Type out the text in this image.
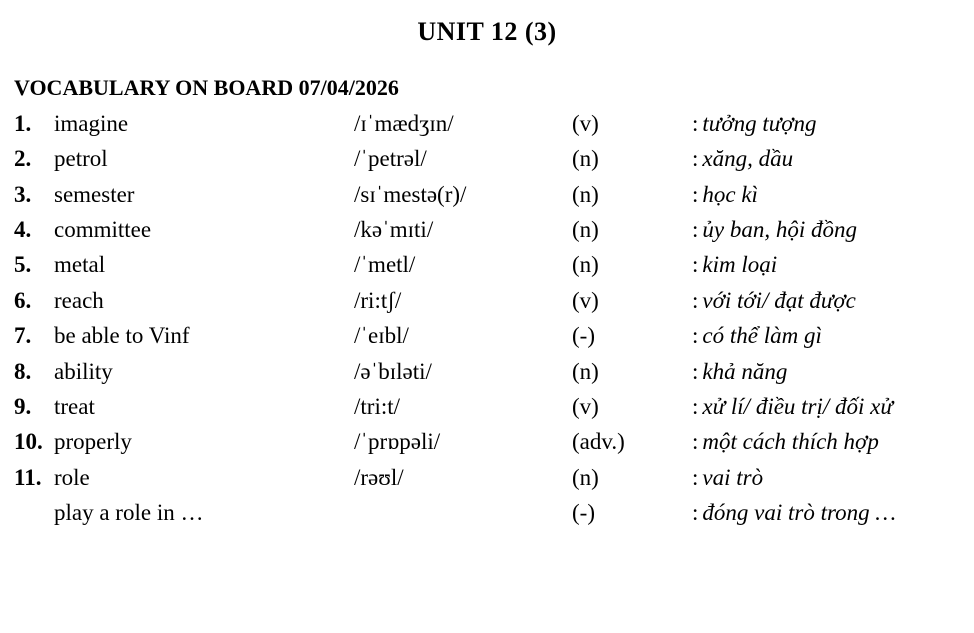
UNIT 12 (3)
VOCABULARY ON BOARD 07/04/2026
1.	imagine	/ɪˈmædʒɪn/	(v)	: tưởng tượng
2.	petrol	/ˈpetrəl/	(n)	: xăng, dầu
3.	semester	/sɪˈmestə(r)/	(n)	: học kì
4.	committee	/kəˈmɪti/	(n)	: ủy ban, hội đồng
5.	metal	/ˈmetl/	(n)	: kim loại
6.	reach	/ri:tʃ/	(v)	: với tới/ đạt được
7.	be able to Vinf	/ˈeɪbl/	(-)	: có thể làm gì
8.	ability	/əˈbɪləti/	(n)	: khả năng
9.	treat	/tri:t/	(v)	: xử lí/ điều trị/ đối xử
10.	properly	/ˈprɒpəli/	(adv.)	: một cách thích hợp
11.	role	/rəʊl/	(n)	: vai trò
	play a role in …		(-)	: đóng vai trò trong …
